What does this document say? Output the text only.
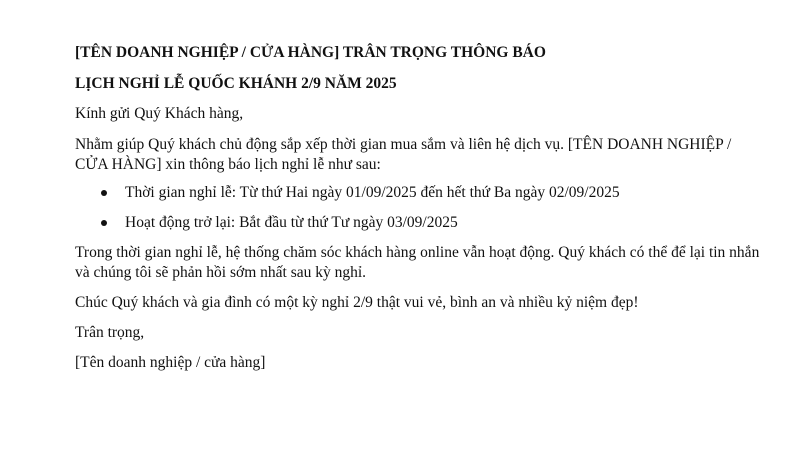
[TÊN DOANH NGHIỆP / CỬA HÀNG] TRÂN TRỌNG THÔNG BÁO
LỊCH NGHỈ LỄ QUỐC KHÁNH 2/9 NĂM 2025

Kính gửi Quý Khách hàng,

Nhằm giúp Quý khách chủ động sắp xếp thời gian mua sắm và liên hệ dịch vụ. [TÊN DOANH NGHIỆP / CỬA HÀNG] xin thông báo lịch nghỉ lễ như sau:

Thời gian nghỉ lễ: Từ thứ Hai ngày 01/09/2025 đến hết thứ Ba ngày 02/09/2025
Hoạt động trở lại: Bắt đầu từ thứ Tư ngày 03/09/2025

Trong thời gian nghỉ lễ, hệ thống chăm sóc khách hàng online vẫn hoạt động. Quý khách có thể để lại tin nhắn và chúng tôi sẽ phản hồi sớm nhất sau kỳ nghỉ.

Chúc Quý khách và gia đình có một kỳ nghỉ 2/9 thật vui vẻ, bình an và nhiều kỷ niệm đẹp!

Trân trọng,

[Tên doanh nghiệp / cửa hàng]
